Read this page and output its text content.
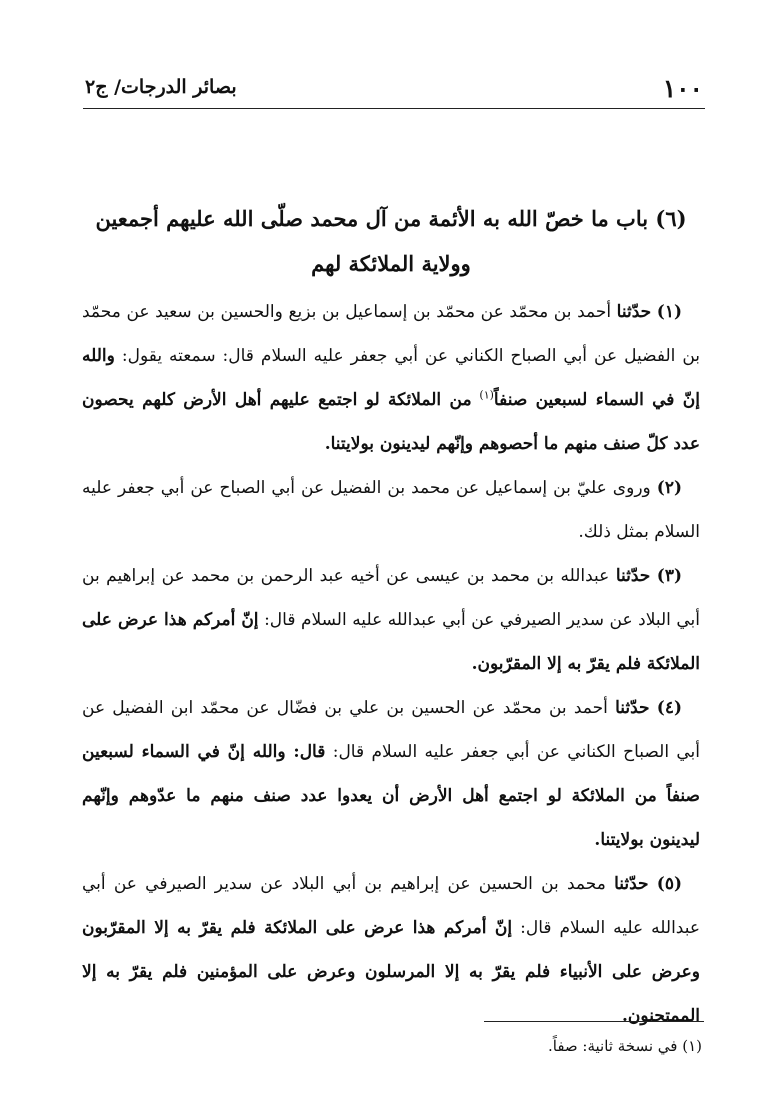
١٠٠
بصائر الدرجات/ ج٢
(٦) باب ما خصّ الله به الأئمة من آل محمد صلّى الله عليهم أجمعين وولاية الملائكة لهم

(١) حدّثنا أحمد بن محمّد عن محمّد بن إسماعيل بن بزيع والحسين بن سعيد عن محمّد بن الفضيل عن أبي الصباح الكناني عن أبي جعفر عليه السلام قال: سمعته يقول: والله إنّ في السماء لسبعين صنفاً$^{(١)}$ من الملائكة لو اجتمع عليهم أهل الأرض كلهم يحصون عدد كلّ صنف منهم ما أحصوهم وإنّهم ليدينون بولايتنا.

(٢) وروى عليّ بن إسماعيل عن محمد بن الفضيل عن أبي الصباح عن أبي جعفر عليه السلام بمثل ذلك.

(٣) حدّثنا عبدالله بن محمد بن عيسى عن أخيه عبد الرحمن بن محمد عن إبراهيم بن أبي البلاد عن سدير الصيرفي عن أبي عبدالله عليه السلام قال: إنّ أمركم هذا عرض على الملائكة فلم يقرّ به إلا المقرّبون.

(٤) حدّثنا أحمد بن محمّد عن الحسين بن علي بن فضّال عن محمّد ابن الفضيل عن أبي الصباح الكناني عن أبي جعفر عليه السلام قال: قال: والله إنّ في السماء لسبعين صنفاً من الملائكة لو اجتمع أهل الأرض أن يعدوا عدد صنف منهم ما عدّوهم وإنّهم ليدينون بولايتنا.

(٥) حدّثنا محمد بن الحسين عن إبراهيم بن أبي البلاد عن سدير الصيرفي عن أبي عبدالله عليه السلام قال: إنّ أمركم هذا عرض على الملائكة فلم يقرّ به إلا المقرّبون وعرض على الأنبياء فلم يقرّ به إلا المرسلون وعرض على المؤمنين فلم يقرّ به إلا الممتحنون.

(١) في نسخة ثانية: صفاً.
